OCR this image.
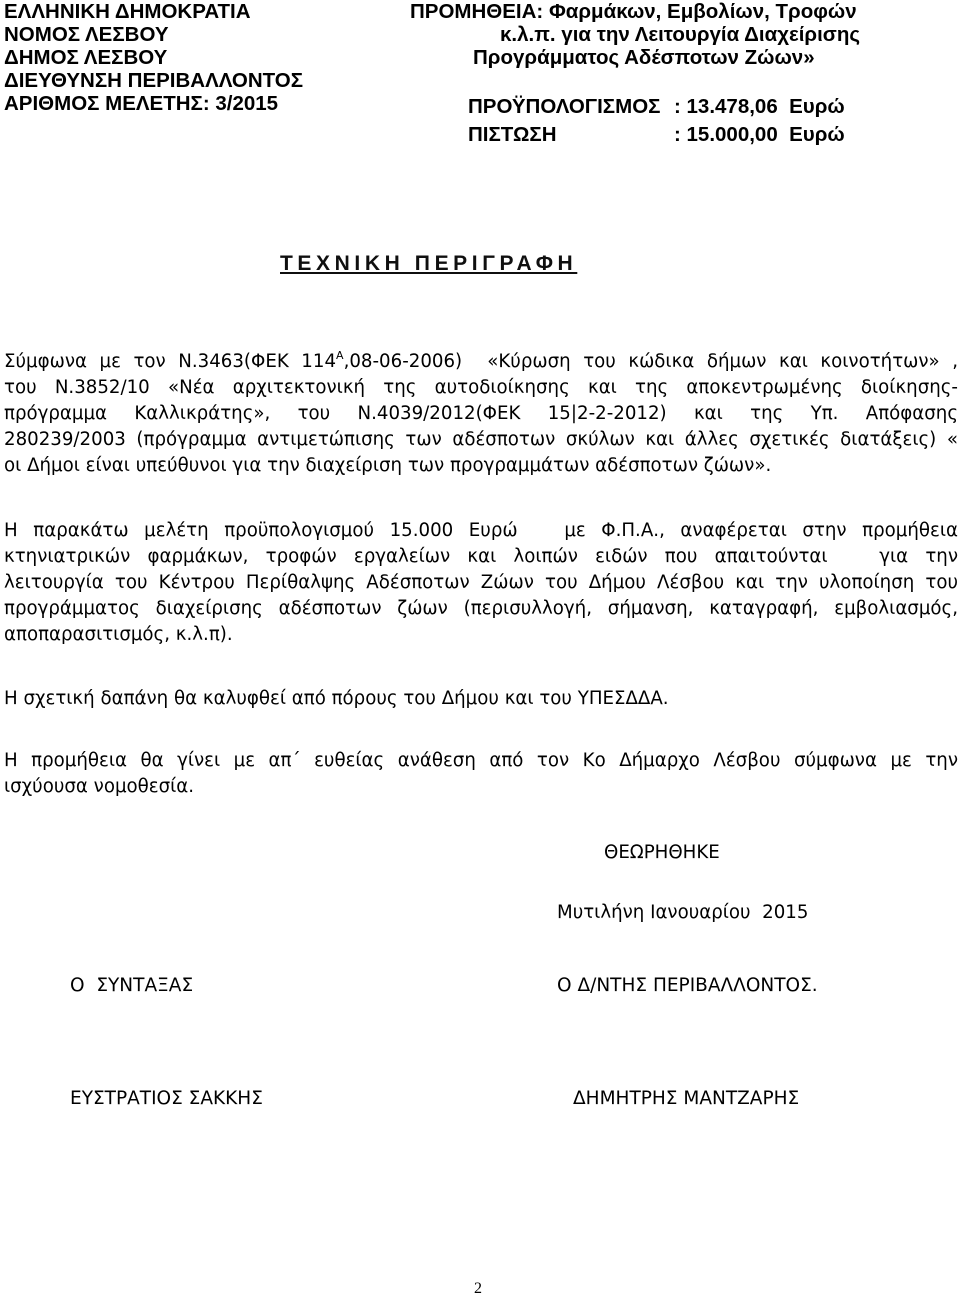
ΕΛΛΗΝΙΚΗ ΔΗΜΟΚΡΑΤΙΑ
ΝΟΜΟΣ ΛΕΣΒΟΥ
ΔΗΜΟΣ ΛΕΣΒΟΥ
ΔΙΕΥΘΥΝΣΗ ΠΕΡΙΒΑΛΛΟΝΤΟΣ
ΑΡΙΘΜΟΣ ΜΕΛΕΤΗΣ: 3/2015
ΠΡΟΜΗΘΕΙΑ: Φαρμάκων, Εμβολίων, Τροφών
κ.λ.π. για την Λειτουργία Διαχείρισης
Προγράμματος Αδέσποτων Ζώων»
ΠΡΟΫΠΟΛΟΓΙΣΜΟΣ : 13.478,06  Ευρώ
ΠΙΣΤΩΣΗ	: 15.000,00  Ευρώ
ΤΕΧΝΙΚΗ ΠΕΡΙΓΡΑΦΗ
Σύμφωνα με τον Ν.3463(ΦΕΚ $114^A,08-06-2006$)  «Κύρωση του κώδικα δήμων και κοινοτήτων» ,
του Ν.3852/10 «Νέα αρχιτεκτονική της αυτοδιοίκησης και της αποκεντρωμένης διοίκησης-
πρόγραμμα Καλλικράτης», του Ν.4039/2012(ΦΕΚ 15|2-2-2012) και της Υπ. Απόφασης
280239/2003 (πρόγραμμα αντιμετώπισης των αδέσποτων σκύλων και άλλες σχετικές διατάξεις) «
οι Δήμοι είναι υπεύθυνοι για την διαχείριση των προγραμμάτων αδέσποτων ζώων».
Η παρακάτω μελέτη προϋπολογισμού 15.000 Ευρώ   με Φ.Π.Α., αναφέρεται στην προμήθεια
κτηνιατρικών φαρμάκων, τροφών εργαλείων και λοιπών ειδών που απαιτούνται   για την
λειτουργία του Κέντρου Περίθαλψης Αδέσποτων Ζώων του Δήμου Λέσβου και την υλοποίηση του
προγράμματος διαχείρισης αδέσποτων ζώων (περισυλλογή, σήμανση, καταγραφή, εμβολιασμός,
αποπαρασιτισμός, κ.λ.π).
Η σχετική δαπάνη θα καλυφθεί από πόρους του Δήμου και του ΥΠΕΣΔΔΑ.
Η προμήθεια θα γίνει με απ΄ ευθείας ανάθεση από τον Κο Δήμαρχο Λέσβου σύμφωνα με την
ισχύουσα νομοθεσία.
ΘΕΩΡΗΘΗΚΕ
Μυτιλήνη Ιανουαρίου  2015
Ο  ΣΥΝΤΑΞΑΣ	Ο Δ/ΝΤΗΣ ΠΕΡΙΒΑΛΛΟΝΤΟΣ.
ΕΥΣΤΡΑΤΙΟΣ ΣΑΚΚΗΣ	ΔΗΜΗΤΡΗΣ ΜΑΝΤΖΑΡΗΣ
2
